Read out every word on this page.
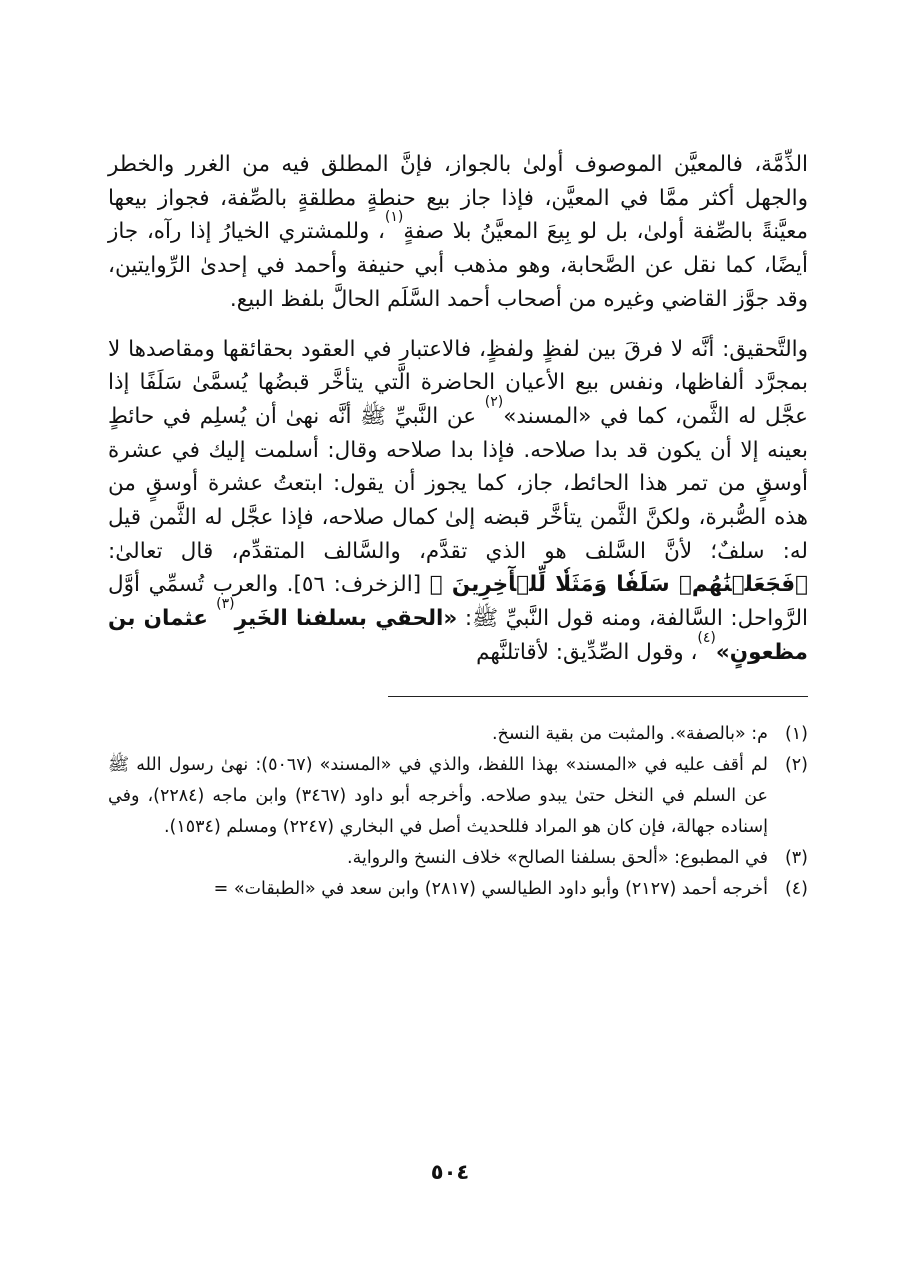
الذِّمَّة، فالمعيَّن الموصوف أولىٰ بالجواز، فإنَّ المطلق فيه من الغرر والخطر والجهل أكثر ممَّا في المعيَّن، فإذا جاز بيع حنطةٍ مطلقةٍ بالصِّفة، فجواز بيعها معيَّنةً بالصِّفة أولىٰ، بل لو بِيعَ المعيَّنُ بلا صفةٍ$^{(١)}$، وللمشتري الخيارُ إذا رآه، جاز أيضًا، كما نقل عن الصَّحابة، وهو مذهب أبي حنيفة وأحمد في إحدىٰ الرِّوايتين، وقد جوَّز القاضي وغيره من أصحاب أحمد السَّلَم الحالَّ بلفظ البيع.

والتَّحقيق: أنَّه لا فرقَ بين لفظٍ ولفظٍ، فالاعتبار في العقود بحقائقها ومقاصدها لا بمجرَّد ألفاظها، ونفس بيع الأعيان الحاضرة الَّتي يتأخَّر قبضُها يُسمَّىٰ سَلَفًا إذا عجَّل له الثَّمن، كما في «المسند»$^{(٢)}$ عن النَّبيِّ ﷺ أنَّه نهىٰ أن يُسلِم في حائطٍ بعينه إلا أن يكون قد بدا صلاحه. فإذا بدا صلاحه وقال: أسلمت إليك في عشرة أوسقٍ من تمر هذا الحائط، جاز، كما يجوز أن يقول: ابتعتُ عشرة أوسقٍ من هذه الصُّبرة، ولكنَّ الثَّمن يتأخَّر قبضه إلىٰ كمال صلاحه، فإذا عجَّل له الثَّمن قيل له: سلفٌ؛ لأنَّ السَّلف هو الذي تقدَّم، والسَّالف المتقدِّم، قال تعالىٰ: ﴿فَجَعَلۡنَٰهُمۡ سَلَفٗا وَمَثَلٗا لِّلۡأٓخِرِينَ ﴾ [الزخرف: ٥٦]. والعرب تُسمِّي أوَّل الرَّواحل: السَّالفة، ومنه قول النَّبيِّ ﷺ: «الحقي بسلفنا الخَيرِ$^{(٣)}$ عثمان بن مظعونٍ»$^{(٤)}$، وقول الصِّدِّيق: لأقاتلنَّهم

(١)
م: «بالصفة». والمثبت من بقية النسخ.
(٢)
لم أقف عليه في «المسند» بهذا اللفظ، والذي في «المسند» (٥٠٦٧): نهىٰ رسول الله ﷺ عن السلم في النخل حتىٰ يبدو صلاحه. وأخرجه أبو داود (٣٤٦٧) وابن ماجه (٢٢٨٤)، وفي إسناده جهالة، فإن كان هو المراد فللحديث أصل في البخاري (٢٢٤٧) ومسلم (١٥٣٤).
(٣)
في المطبوع: «ألحق بسلفنا الصالح» خلاف النسخ والرواية.
(٤)
أخرجه أحمد (٢١٢٧) وأبو داود الطيالسي (٢٨١٧) وابن سعد في «الطبقات» =
٥٠٤
